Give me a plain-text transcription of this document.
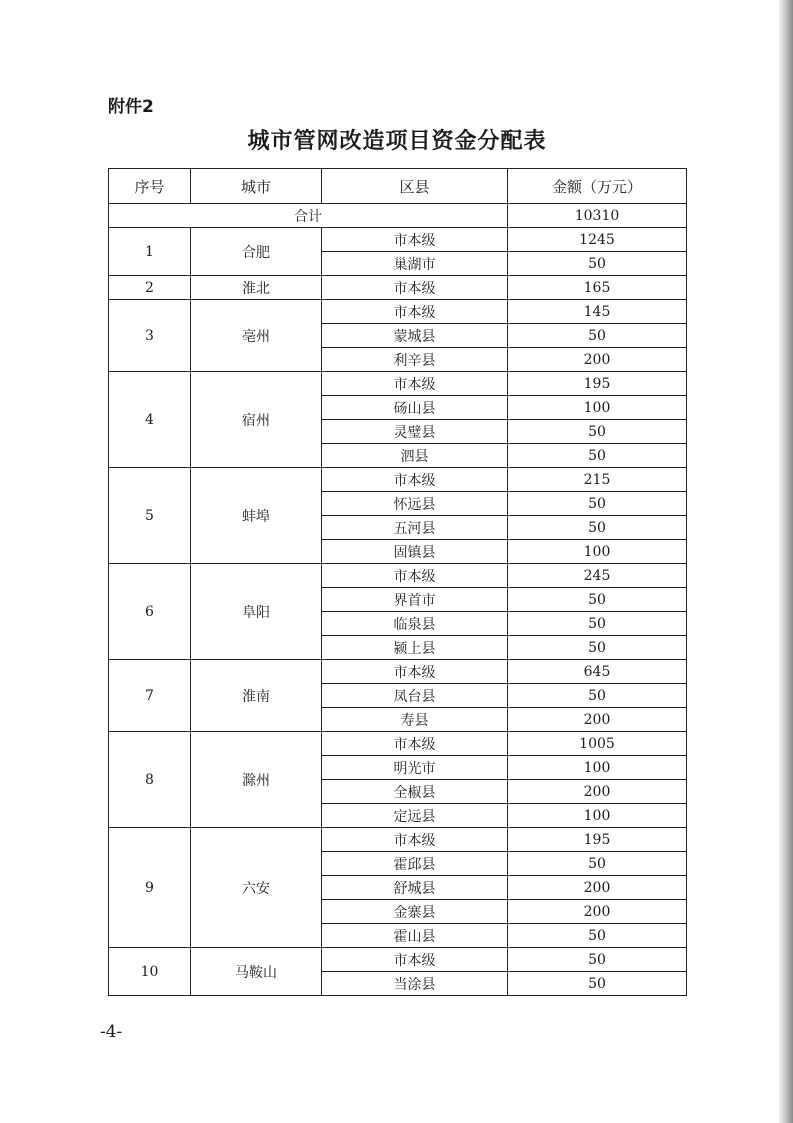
附件2
城市管网改造项目资金分配表
序号	城市	区县	金额（万元）
合计			10310
1	合肥	市本级	1245
		巢湖市	50
2	淮北	市本级	165
3	亳州	市本级	145
		蒙城县	50
		利辛县	200
4	宿州	市本级	195
		砀山县	100
		灵璧县	50
		泗县	50
5	蚌埠	市本级	215
		怀远县	50
		五河县	50
		固镇县	100
6	阜阳	市本级	245
		界首市	50
		临泉县	50
		颍上县	50
7	淮南	市本级	645
		凤台县	50
		寿县	200
8	滁州	市本级	1005
		明光市	100
		全椒县	200
		定远县	100
9	六安	市本级	195
		霍邱县	50
		舒城县	200
		金寨县	200
		霍山县	50
10	马鞍山	市本级	50
		当涂县	50
-4-
